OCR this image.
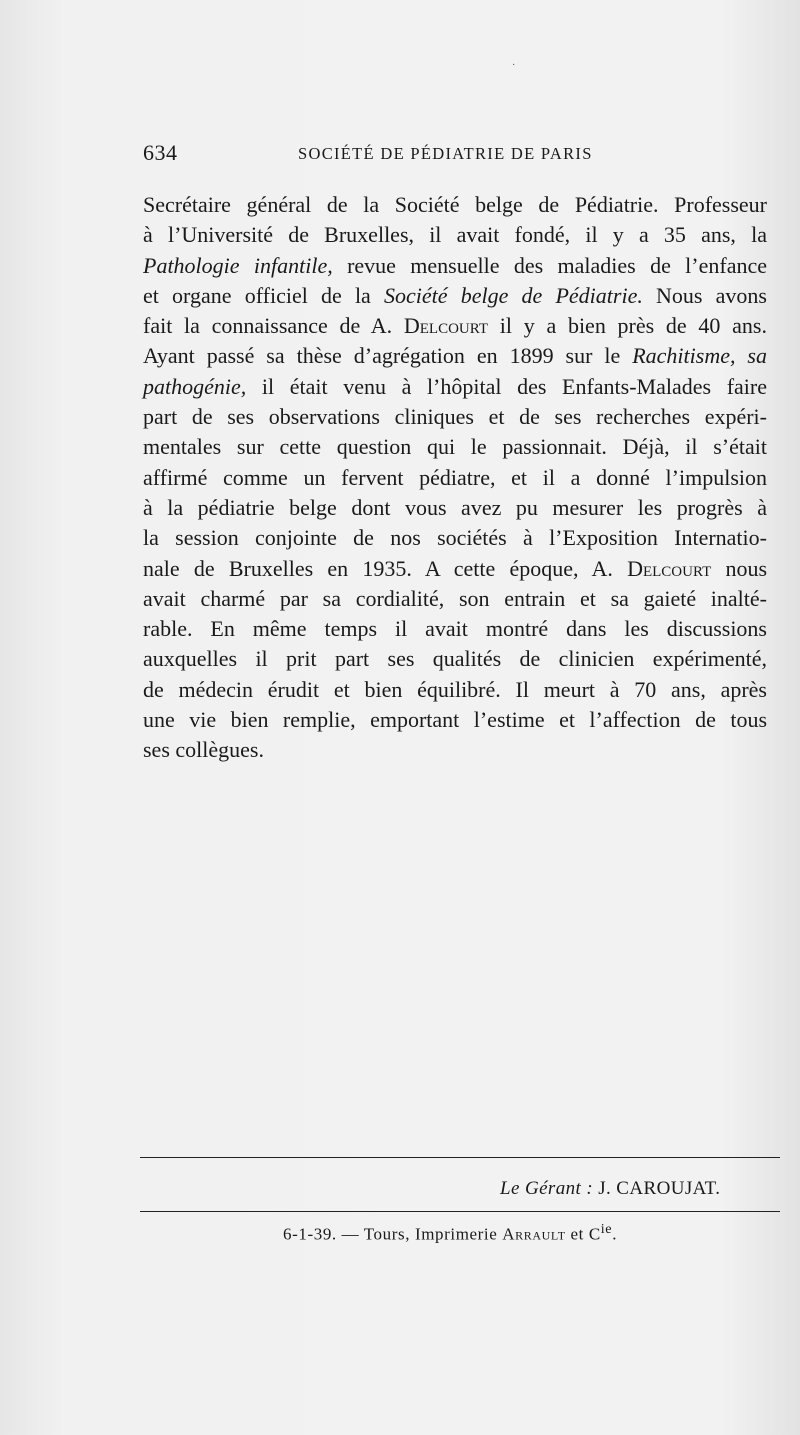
·
634	SOCIÉTÉ DE PÉDIATRIE DE PARIS
Secrétaire général de la Société belge de Pédiatrie. Professeur
à l’Université de Bruxelles, il avait fondé, il y a 35 ans, la
Pathologie infantile, revue mensuelle des maladies de l’enfance
et organe officiel de la Société belge de Pédiatrie. Nous avons
fait la connaissance de A. Delcourt il y a bien près de 40 ans.
Ayant passé sa thèse d’agrégation en 1899 sur le Rachitisme, sa
pathogénie, il était venu à l’hôpital des Enfants-Malades faire
part de ses observations cliniques et de ses recherches expéri-
mentales sur cette question qui le passionnait. Déjà, il s’était
affirmé comme un fervent pédiatre, et il a donné l’impulsion
à la pédiatrie belge dont vous avez pu mesurer les progrès à
la session conjointe de nos sociétés à l’Exposition Internatio-
nale de Bruxelles en 1935. A cette époque, A. Delcourt nous
avait charmé par sa cordialité, son entrain et sa gaieté inalté-
rable. En même temps il avait montré dans les discussions
auxquelles il prit part ses qualités de clinicien expérimenté,
de médecin érudit et bien équilibré. Il meurt à 70 ans, après
une vie bien remplie, emportant l’estime et l’affection de tous
ses collègues.
Le Gérant : J. CAROUJAT.
6-1-39. — Tours, Imprimerie Arrault et $C^{ie}$.
